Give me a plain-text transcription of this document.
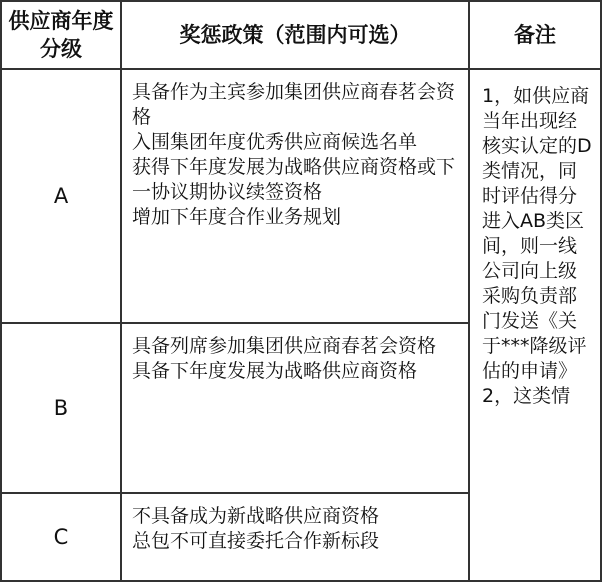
供应商年度分级	奖惩政策（范围内可选）	备注
A	具备作为主宾参加集团供应商春茗会资格
入围集团年度优秀供应商候选名单
获得下年度发展为战略供应商资格或下一协议期协议续签资格
增加下年度合作业务规划	1，如供应商当年出现经核实认定的D类情况，同时评估得分进入AB类区间，则一线公司向上级采购负责部门发送《关于***降级评估的申请》2，这类情

B	具备列席参加集团供应商春茗会资格
具备下年度发展为战略供应商资格	

C	不具备成为新战略供应商资格
总包不可直接委托合作新标段	
